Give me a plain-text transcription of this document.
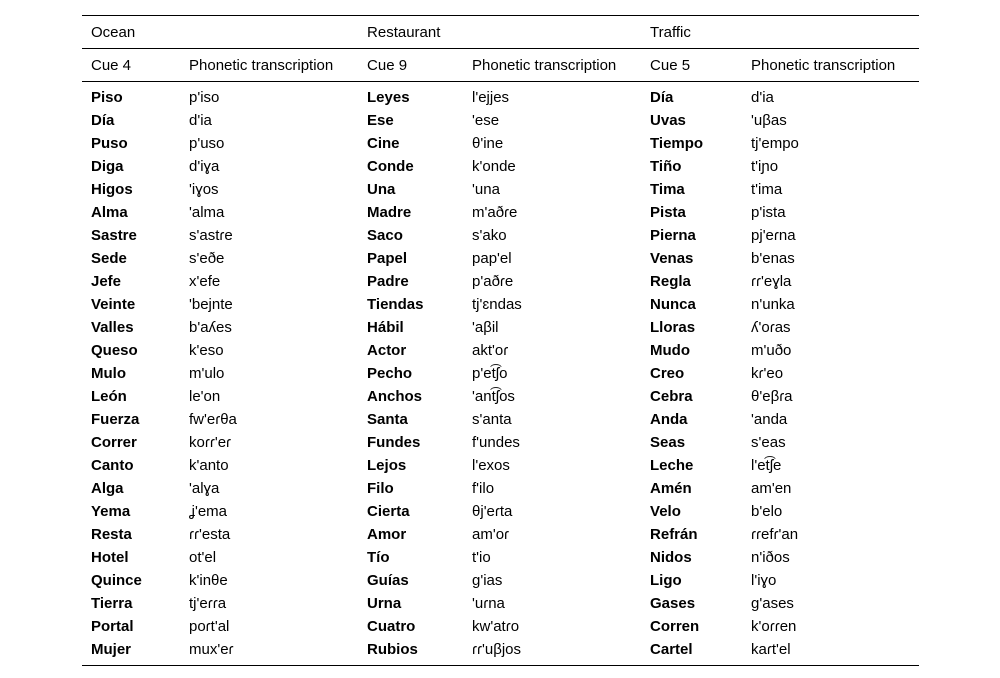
Ocean		Restaurant		Traffic	
Cue 4	Phonetic transcription	Cue 9	Phonetic transcription	Cue 5	Phonetic transcription
Piso	p'iso	Leyes	l'ejjes	Día	d'ia
Día	d'ia	Ese	'ese	Uvas	'uβas
Puso	p'uso	Cine	θ'ine	Tiempo	tj'empo
Diga	d'iɣa	Conde	k'onde	Tiño	t'iɲo
Higos	'iɣos	Una	'una	Tima	t'ima
Alma	'alma	Madre	m'aðɾe	Pista	p'ista
Sastre	s'astɾe	Saco	s'ako	Pierna	pj'eɾna
Sede	s'eðe	Papel	pap'el	Venas	b'enas
Jefe	x'efe	Padre	p'aðɾe	Regla	ɾɾ'eɣla
Veinte	'bejnte	Tiendas	tj'ɛndas	Nunca	n'unka
Valles	b'aʎes	Hábil	'aβil	Lloras	ʎ'oɾas
Queso	k'eso	Actor	akt'oɾ	Mudo	m'uðo
Mulo	m'ulo	Pecho	p'et͡ʃo	Creo	kɾ'eo
León	le'on	Anchos	'ant͡ʃos	Cebra	θ'eβɾa
Fuerza	fw'eɾθa	Santa	s'anta	Anda	'anda
Correr	koɾɾ'eɾ	Fundes	f'undes	Seas	s'eas
Canto	k'anto	Lejos	l'exos	Leche	l'et͡ʃe
Alga	'alɣa	Filo	f'ilo	Amén	am'en
Yema	ʝ'ema	Cierta	θj'eɾta	Velo	b'elo
Resta	ɾɾ'esta	Amor	am'oɾ	Refrán	ɾɾefɾ'an
Hotel	ot'el	Tío	t'io	Nidos	n'iðos
Quince	k'inθe	Guías	g'ias	Ligo	l'iɣo
Tierra	tj'eɾɾa	Urna	'uɾna	Gases	g'ases
Portal	poɾt'al	Cuatro	kw'atɾo	Corren	k'oɾɾen
Mujer	mux'eɾ	Rubios	ɾɾ'uβjos	Cartel	kaɾt'el
